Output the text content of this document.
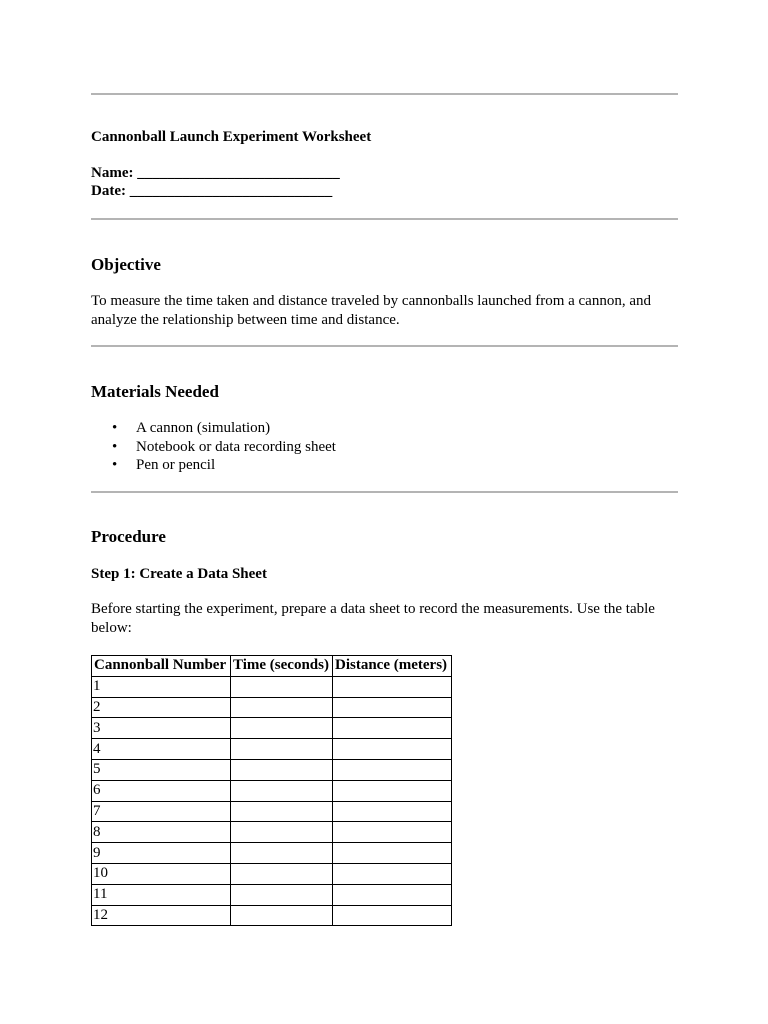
Cannonball Launch Experiment Worksheet
Name: ___________________________
Date: ___________________________
Objective

To measure the time taken and distance traveled by cannonballs launched from a cannon, and analyze the relationship between time and distance.

Materials Needed
• A cannon (simulation)
• Notebook or data recording sheet
• Pen or pencil
Procedure
Step 1: Create a Data Sheet

Before starting the experiment, prepare a data sheet to record the measurements. Use the table below:

Cannonball Number	Time (seconds)	Distance (meters)
1		
2		
3		
4		
5		
6		
7		
8		
9		
10		
11		
12		
